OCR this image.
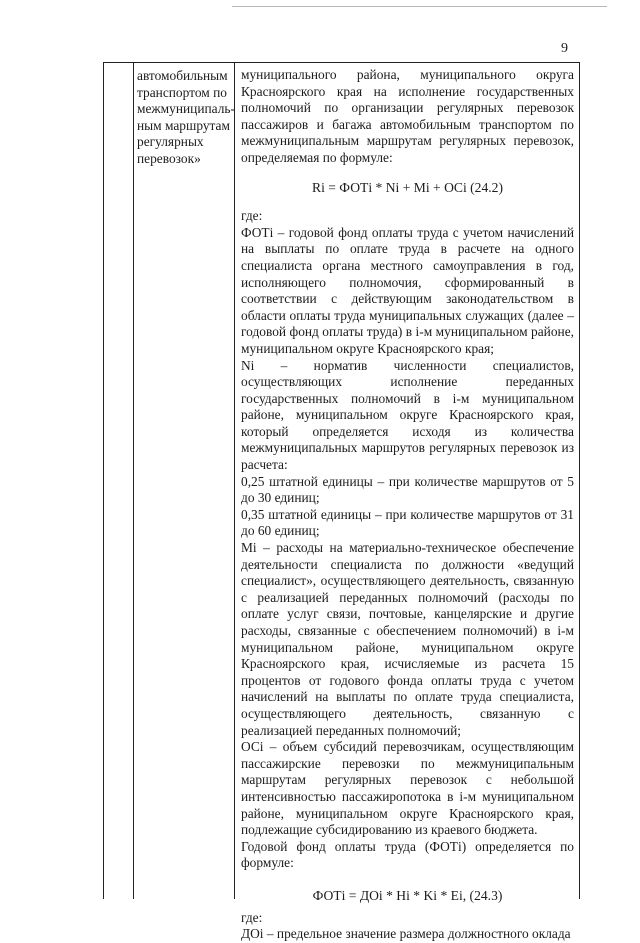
9
автомобильным
транспортом по
межмуниципаль-
ным маршрутам
регулярных
перевозок»

муниципального района, муниципального округа Красноярского края на исполнение государственных полномочий по организации регулярных перевозок пассажиров и багажа автомобильным транспортом по межмуниципальным маршрутам регулярных перевозок, определяемая по формуле:

Ri = ФОТi * Ni + Mi + OCi (24.2)

где:

ФОТi – годовой фонд оплаты труда с учетом начислений на выплаты по оплате труда в расчете на одного специалиста органа местного самоуправления в год, исполняющего полномочия, сформированный в соответствии с действующим законодательством в области оплаты труда муниципальных служащих (далее – годовой фонд оплаты труда) в i-м муниципальном районе, муниципальном округе Красноярского края;

Ni – норматив численности специалистов, осуществляющих исполнение переданных государственных полномочий в i-м муниципальном районе, муниципальном округе Красноярского края, который определяется исходя из количества межмуниципальных маршрутов регулярных перевозок из расчета:

0,25 штатной единицы – при количестве маршрутов от 5 до 30 единиц;

0,35 штатной единицы – при количестве маршрутов от 31 до 60 единиц;

Mi – расходы на материально-техническое обеспечение деятельности специалиста по должности «ведущий специалист», осуществляющего деятельность, связанную с реализацией переданных полномочий (расходы по оплате услуг связи, почтовые, канцелярские и другие расходы, связанные с обеспечением полномочий) в i-м муниципальном районе, муниципальном округе Красноярского края, исчисляемые из расчета 15 процентов от годового фонда оплаты труда с учетом начислений на выплаты по оплате труда специалиста, осуществляющего деятельность, связанную с реализацией переданных полномочий;

ОСi – объем субсидий перевозчикам, осуществляющим пассажирские перевозки по межмуниципальным маршрутам регулярных перевозок с небольшой интенсивностью пассажиропотока в i-м муниципальном районе, муниципальном округе Красноярского края, подлежащие субсидированию из краевого бюджета.

Годовой фонд оплаты труда (ФОТi) определяется по формуле:

ФОТi = ДОi * Hi * Ki * Ei, (24.3)

где:

ДОi – предельное значение размера должностного оклада
